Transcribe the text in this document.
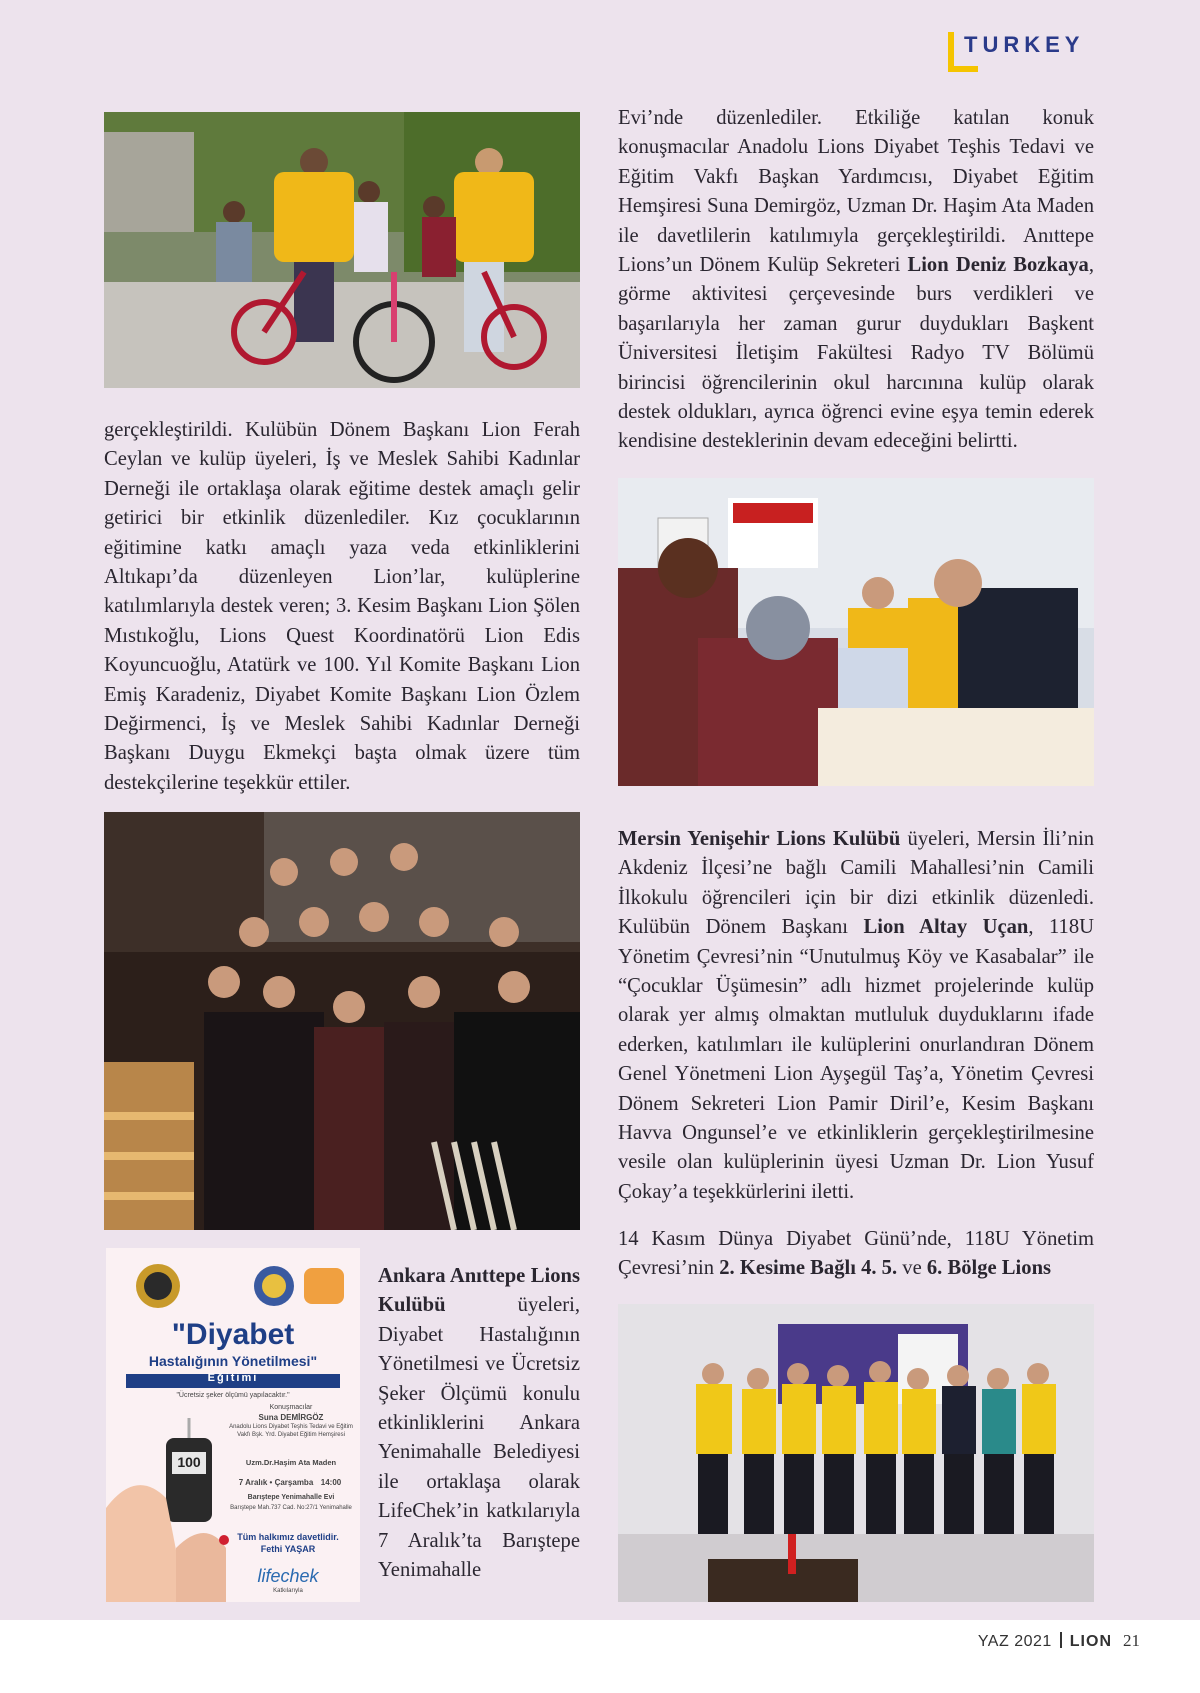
TURKEY
gerçekleştirildi. Kulübün Dönem Başkanı Lion Ferah Ceylan ve kulüp üyeleri, İş ve Meslek Sahibi Kadınlar Derneği ile ortaklaşa olarak eğitime destek amaçlı gelir getirici bir etkinlik düzenlediler. Kız çocuklarının eğitimine katkı amaçlı yaza veda etkinliklerini Altıkapı’da düzenleyen Lion’lar, kulüplerine katılımlarıyla destek veren; 3. Kesim Başkanı Lion Şölen Mıstıkoğlu, Lions Quest Koordinatörü Lion Edis Koyuncuoğlu, Atatürk ve 100. Yıl Komite Başkanı Lion Emiş Karadeniz, Diyabet Komite Başkanı Lion Özlem Değirmenci, İş ve Meslek Sahibi Kadınlar Derneği Başkanı Duygu Ekmekçi başta olmak üzere tüm destekçilerine teşekkür ettiler.
"Diyabet
Hastalığının Yönetilmesi"
Eğitimi
"Ücretsiz şeker ölçümü yapılacaktır."
Konuşmacılar
Suna DEMİRGÖZ
Anadolu Lions Diyabet Teşhis Tedavi ve Eğitim Vakfı Bşk. Yrd. Diyabet Eğitim Hemşiresi
Uzm.Dr.Haşim Ata Maden
7 Aralık • Çarşamba 14:00
Barıştepe Yenimahalle Evi
Barıştepe Mah.737 Cad. No:27/1 Yenimahalle
Tüm halkımız davetlidir.
Fethi YAŞAR
lifechek
Katkılarıyla
100
Ankara Anıttepe Lions Kulübü üyeleri, Diyabet Hastalığının Yönetilmesi ve Ücretsiz Şeker Ölçümü konulu etkinliklerini Ankara Yenimahalle Belediyesi ile ortaklaşa olarak LifeChek’in katkılarıyla 7 Aralık’ta Barıştepe Yenimahalle
Evi’nde düzenlediler. Etkiliğe katılan konuk konuşmacılar Anadolu Lions Diyabet Teşhis Tedavi ve Eğitim Vakfı Başkan Yardımcısı, Diyabet Eğitim Hemşiresi Suna Demirgöz, Uzman Dr. Haşim Ata Maden ile davetlilerin katılımıyla gerçekleştirildi. Anıttepe Lions’un Dönem Kulüp Sekreteri Lion Deniz Bozkaya, görme aktivitesi çerçevesinde burs verdikleri ve başarılarıyla her zaman gurur duydukları Başkent Üniversitesi İletişim Fakültesi Radyo TV Bölümü birincisi öğrencilerinin okul harcınına kulüp olarak destek oldukları, ayrıca öğrenci evine eşya temin ederek kendisine desteklerinin devam edeceğini belirtti.
Mersin Yenişehir Lions Kulübü üyeleri, Mersin İli’nin Akdeniz İlçesi’ne bağlı Camili Mahallesi’nin Camili İlkokulu öğrencileri için bir dizi etkinlik düzenledi. Kulübün Dönem Başkanı Lion Altay Uçan, 118U Yönetim Çevresi’nin “Unutulmuş Köy ve Kasabalar” ile “Çocuklar Üşümesin” adlı hizmet projelerinde kulüp olarak yer almış olmaktan mutluluk duyduklarını ifade ederken, katılımları ile kulüplerini onurlandıran Dönem Genel Yönetmeni Lion Ayşegül Taş’a, Yönetim Çevresi Dönem Sekreteri Lion Pamir Diril’e, Kesim Başkanı Havva Ongunsel’e ve etkinliklerin gerçekleştirilmesine vesile olan kulüplerinin üyesi Uzman Dr. Lion Yusuf Çokay’a teşekkürlerini iletti.
14 Kasım Dünya Diyabet Günü’nde, 118U Yönetim Çevresi’nin 2. Kesime Bağlı 4. 5. ve 6. Bölge Lions
YAZ 2021 LION 21
